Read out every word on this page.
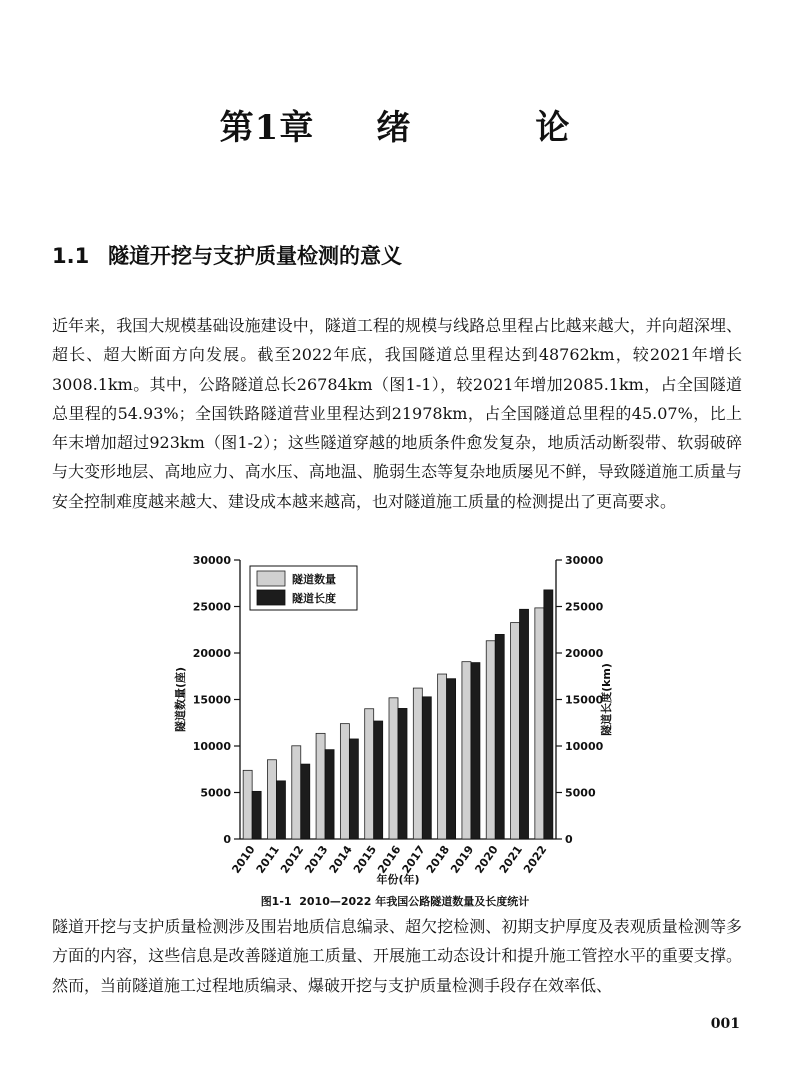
第1章 绪	论
1.1 隧道开挖与支护质量检测的意义

近年来，我国大规模基础设施建设中，隧道工程的规模与线路总里程占比越来越大，并向超深埋、超长、超大断面方向发展。截至2022年底，我国隧道总里程达到48762km，较2021年增长3008.1km。其中，公路隧道总长26784km（图1-1），较2021年增加2085.1km，占全国隧道总里程的54.93%；全国铁路隧道营业里程达到21978km，占全国隧道总里程的45.07%，比上年末增加超过923km（图1-2）；这些隧道穿越的地质条件愈发复杂，地质活动断裂带、软弱破碎与大变形地层、高地应力、高水压、高地温、脆弱生态等复杂地质屡见不鲜，导致隧道施工质量与安全控制难度越来越大、建设成本越来越高，也对隧道施工质量的检测提出了更高要求。

0	0
5000	5000
10000	10000
15000	15000
20000	20000
25000	25000
30000	30000
2010
2011
2012
2013
2014
2015
2016
2017
2018
2019
2020
2021
2022
年份(年)
隧道数量(座)	隧道长度(km)
隧道数量
隧道长度
图1-1 2010—2022 年我国公路隧道数量及长度统计

隧道开挖与支护质量检测涉及围岩地质信息编录、超欠挖检测、初期支护厚度及表观质量检测等多方面的内容，这些信息是改善隧道施工质量、开展施工动态设计和提升施工管控水平的重要支撑。然而，当前隧道施工过程地质编录、爆破开挖与支护质量检测手段存在效率低、

001
